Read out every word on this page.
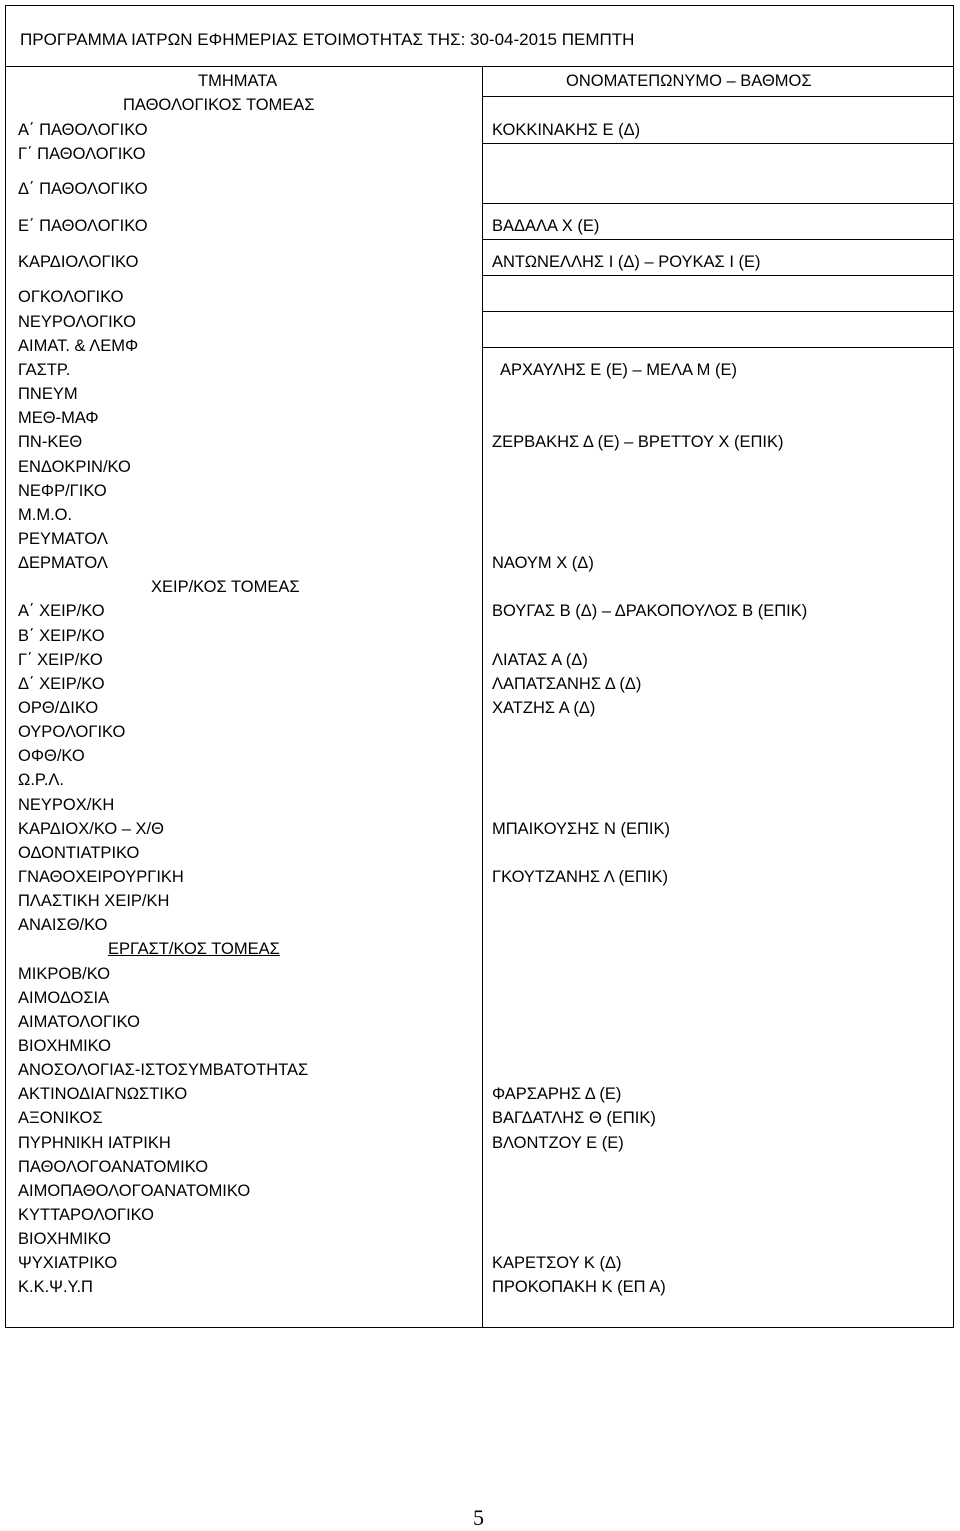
ΠΡΟΓΡΑΜΜΑ ΙΑΤΡΩΝ ΕΦΗΜΕΡΙΑΣ ΕΤΟΙΜΟΤΗΤΑΣ ΤΗΣ: 30-04-2015 ΠΕΜΠΤΗ
ΤΜΗΜΑΤΑ	ΟΝΟΜΑΤΕΠΩΝΥΜΟ – ΒΑΘΜΟΣ
ΠΑΘΟΛΟΓΙΚΟΣ ΤΟΜΕΑΣ
Α΄ ΠΑΘΟΛΟΓΙΚΟ
Γ΄ ΠΑΘΟΛΟΓΙΚΟ
Δ΄ ΠΑΘΟΛΟΓΙΚΟ
Ε΄ ΠΑΘΟΛΟΓΙΚΟ
ΚΑΡΔΙΟΛΟΓΙΚΟ
ΟΓΚΟΛΟΓΙΚΟ
ΝΕΥΡΟΛΟΓΙΚΟ
ΑΙΜΑΤ. & ΛΕΜΦ
ΓΑΣΤΡ.
ΠΝΕΥΜ
ΜΕΘ-ΜΑΦ
ΠΝ-ΚΕΘ
ΕΝΔΟΚΡΙΝ/ΚΟ
ΝΕΦΡ/ΓΙΚΟ
Μ.Μ.Ο.
ΡΕΥΜΑΤΟΛ
ΔΕΡΜΑΤΟΛ
ΧΕΙΡ/ΚΟΣ ΤΟΜΕΑΣ
Α΄ ΧΕΙΡ/ΚΟ
Β΄ ΧΕΙΡ/ΚΟ
Γ΄ ΧΕΙΡ/ΚΟ
Δ΄ ΧΕΙΡ/ΚΟ
ΟΡΘ/ΔΙΚΟ
ΟΥΡΟΛΟΓΙΚΟ
ΟΦΘ/ΚΟ
Ω.Ρ.Λ.
ΝΕΥΡΟΧ/ΚΗ
ΚΑΡΔΙΟΧ/ΚΟ – Χ/Θ
ΟΔΟΝΤΙΑΤΡΙΚΟ
ΓΝΑΘΟΧΕΙΡΟΥΡΓΙΚΗ
ΠΛΑΣΤΙΚΗ ΧΕΙΡ/ΚΗ
ΑΝΑΙΣΘ/ΚΟ
ΕΡΓΑΣΤ/ΚΟΣ ΤΟΜΕΑΣ
ΜΙΚΡΟΒ/ΚΟ
ΑΙΜΟΔΟΣΙΑ
ΑΙΜΑΤΟΛΟΓΙΚΟ
ΒΙΟΧΗΜΙΚΟ
ΑΝΟΣΟΛΟΓΙΑΣ-ΙΣΤΟΣΥΜΒΑΤΟΤΗΤΑΣ
ΑΚΤΙΝΟΔΙΑΓΝΩΣΤΙΚΟ
ΑΞΟΝΙΚΟΣ
ΠΥΡΗΝΙΚΗ ΙΑΤΡΙΚΗ
ΠΑΘΟΛΟΓΟΑΝΑΤΟΜΙΚΟ
ΑΙΜΟΠΑΘΟΛΟΓΟΑΝΑΤΟΜΙΚΟ
ΚΥΤΤΑΡΟΛΟΓΙΚΟ
ΒΙΟΧΗΜΙΚΟ
ΨΥΧΙΑΤΡΙΚΟ
Κ.Κ.Ψ.Υ.Π
ΚΟΚΚΙΝΑΚΗΣ Ε (Δ)
ΒΑΔΑΛΑ Χ (Ε)
ΑΝΤΩΝΕΛΛΗΣ Ι (Δ) – ΡΟΥΚΑΣ Ι (Ε)
ΑΡΧΑΥΛΗΣ Ε (Ε) – ΜΕΛΑ Μ (Ε)
ΖΕΡΒΑΚΗΣ Δ (Ε) – ΒΡΕΤΤΟΥ Χ (ΕΠΙΚ)
ΝΑΟΥΜ Χ (Δ)
ΒΟΥΓΑΣ Β (Δ) – ΔΡΑΚΟΠΟΥΛΟΣ Β (ΕΠΙΚ)
ΛΙΑΤΑΣ Α (Δ)
ΛΑΠΑΤΣΑΝΗΣ Δ (Δ)
ΧΑΤΖΗΣ Α (Δ)
ΜΠΑΙΚΟΥΣΗΣ Ν (ΕΠΙΚ)
ΓΚΟΥΤΖΑΝΗΣ Λ (ΕΠΙΚ)
ΦΑΡΣΑΡΗΣ Δ (Ε)
ΒΑΓΔΑΤΛΗΣ Θ (ΕΠΙΚ)
ΒΛΟΝΤΖΟΥ Ε (Ε)
ΚΑΡΕΤΣΟΥ Κ (Δ)
ΠΡΟΚΟΠΑΚΗ Κ (ΕΠ Α)
5
